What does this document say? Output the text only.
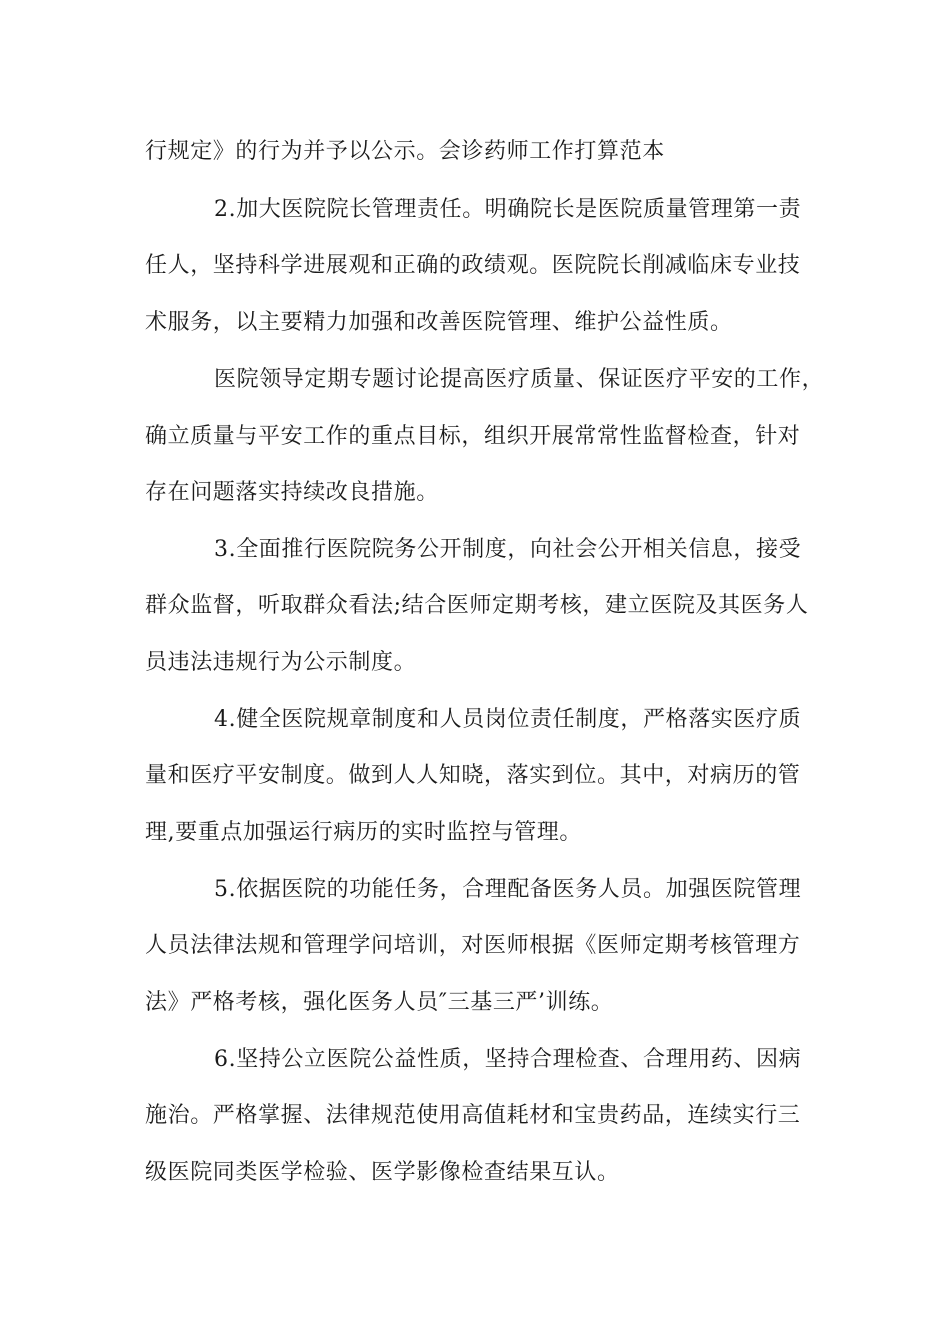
行规定》的行为并予以公示。会诊药师工作打算范本
2.加大医院院长管理责任。明确院长是医院质量管理第一责
任人，坚持科学进展观和正确的政绩观。医院院长削减临床专业技
术服务，以主要精力加强和改善医院管理、维护公益性质。
医院领导定期专题讨论提高医疗质量、保证医疗平安的工作，
确立质量与平安工作的重点目标，组织开展常常性监督检查，针对
存在问题落实持续改良措施。
3.全面推行医院院务公开制度，向社会公开相关信息，接受
群众监督，听取群众看法;结合医师定期考核，建立医院及其医务人
员违法违规行为公示制度。
4.健全医院规章制度和人员岗位责任制度，严格落实医疗质
量和医疗平安制度。做到人人知晓，落实到位。其中，对病历的管
理,要重点加强运行病历的实时监控与管理。
5.依据医院的功能任务，合理配备医务人员。加强医院管理
人员法律法规和管理学问培训，对医师根据《医师定期考核管理方
法》严格考核，强化医务人员″三基三严’训练。
6.坚持公立医院公益性质，坚持合理检查、合理用药、因病
施治。严格掌握、法律规范使用高值耗材和宝贵药品，连续实行三
级医院同类医学检验、医学影像检查结果互认。
